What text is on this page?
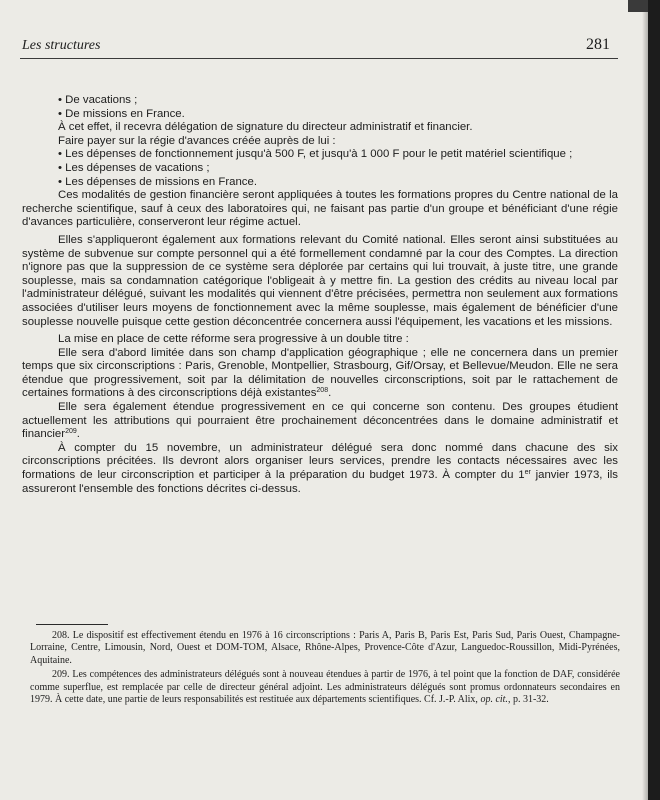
Les structures	281

• De vacations ;

• De missions en France.

À cet effet, il recevra délégation de signature du directeur administratif et financier.

Faire payer sur la régie d'avances créée auprès de lui :

• Les dépenses de fonctionnement jusqu'à 500 F, et jusqu'à 1 000 F pour le petit matériel scientifique ;

• Les dépenses de vacations ;

• Les dépenses de missions en France.

Ces modalités de gestion financière seront appliquées à toutes les formations propres du Centre national de la recherche scientifique, sauf à ceux des laboratoires qui, ne faisant pas partie d'un groupe et bénéficiant d'une régie d'avances particulière, conserveront leur régime actuel.

Elles s'appliqueront également aux formations relevant du Comité national. Elles seront ainsi substituées au système de subvenue sur compte personnel qui a été formellement condamné par la cour des Comptes. La direction n'ignore pas que la suppression de ce système sera déplorée par certains qui lui trouvait, à juste titre, une grande souplesse, mais sa condamnation catégorique l'obligeait à y mettre fin. La gestion des crédits au niveau local par l'administrateur délégué, suivant les modalités qui viennent d'être précisées, permettra non seulement aux formations associées d'utiliser leurs moyens de fonctionnement avec la même souplesse, mais également de bénéficier d'une souplesse nouvelle puisque cette gestion déconcentrée concernera aussi l'équipement, les vacations et les missions.

La mise en place de cette réforme sera progressive à un double titre :

Elle sera d'abord limitée dans son champ d'application géographique ; elle ne concernera dans un premier temps que six circonscriptions : Paris, Grenoble, Montpellier, Strasbourg, Gif/Orsay, et Bellevue/Meudon. Elle ne sera étendue que progressivement, soit par la délimitation de nouvelles circonscriptions, soit par le rattachement de certaines formations à des circonscriptions déjà existantes$^{208}$.

Elle sera également étendue progressivement en ce qui concerne son contenu. Des groupes étudient actuellement les attributions qui pourraient être prochainement déconcentrées dans le domaine administratif et financier$^{209}$.

À compter du 15 novembre, un administrateur délégué sera donc nommé dans chacune des six circonscriptions précitées. Ils devront alors organiser leurs services, prendre les contacts nécessaires avec les formations de leur circonscription et participer à la préparation du budget 1973. À compter du 1er janvier 1973, ils assureront l'ensemble des fonctions décrites ci-dessus.

208. Le dispositif est effectivement étendu en 1976 à 16 circonscriptions : Paris A, Paris B, Paris Est, Paris Sud, Paris Ouest, Champagne-Lorraine, Centre, Limousin, Nord, Ouest et DOM-TOM, Alsace, Rhône-Alpes, Provence-Côte d'Azur, Languedoc-Roussillon, Midi-Pyrénées, Aquitaine.

209. Les compétences des administrateurs délégués sont à nouveau étendues à partir de 1976, à tel point que la fonction de DAF, considérée comme superflue, est remplacée par celle de directeur général adjoint. Les administrateurs délégués sont promus ordonnateurs secondaires en 1979. À cette date, une partie de leurs responsabilités est restituée aux départements scientifiques. Cf. J.-P. Alix, op. cit., p. 31-32.
